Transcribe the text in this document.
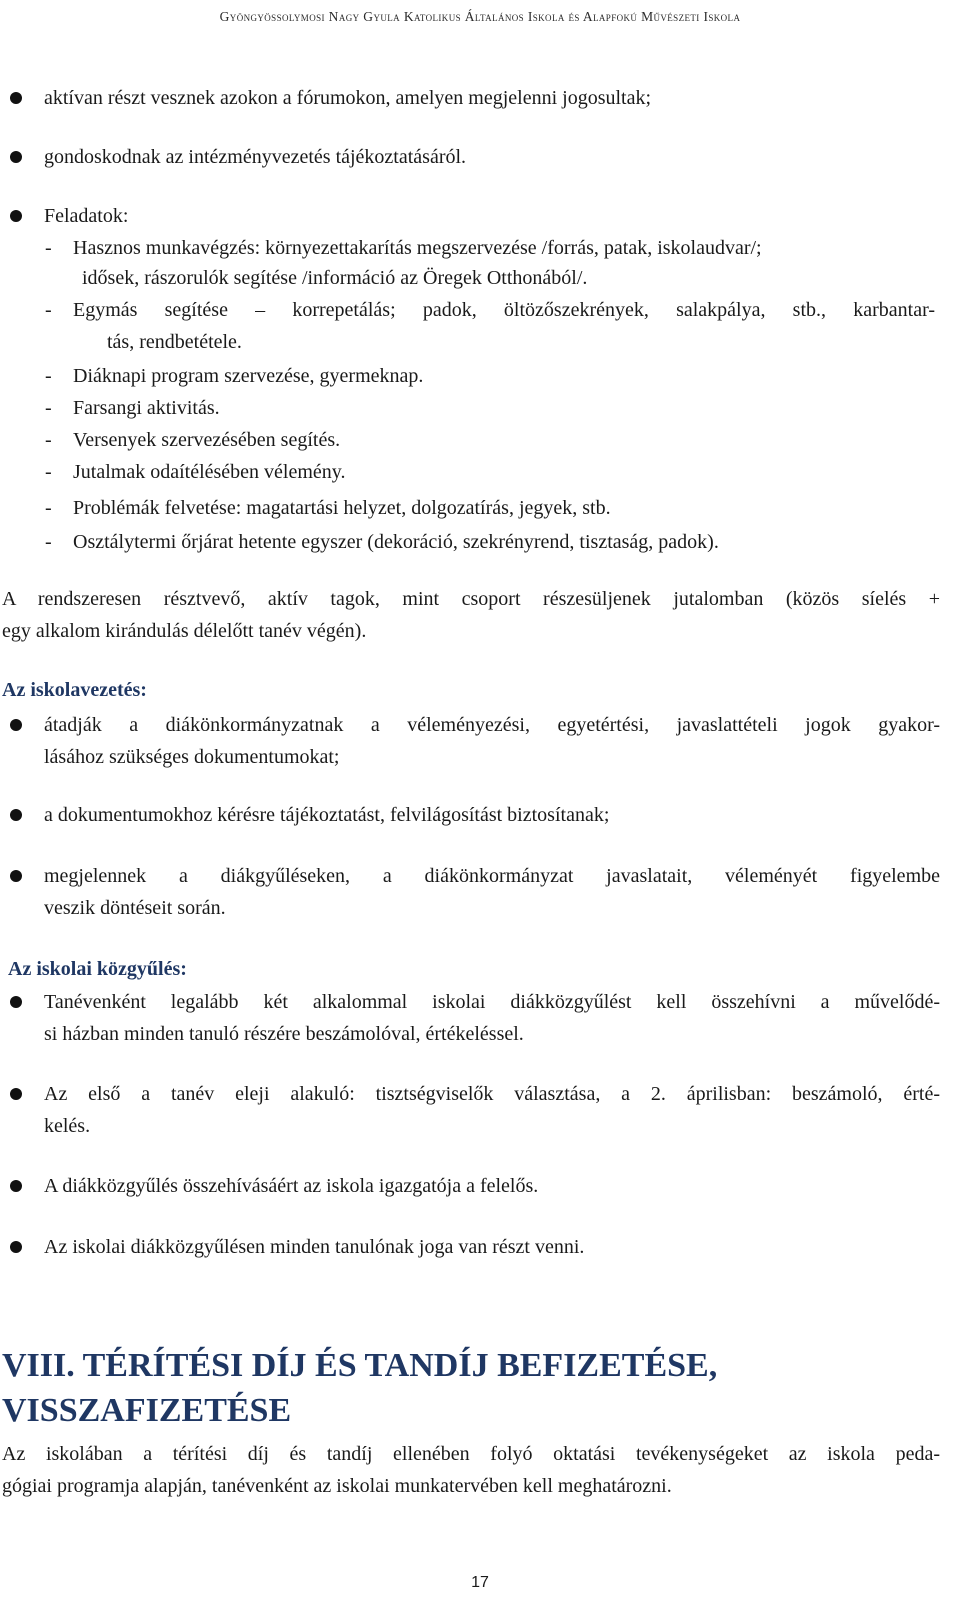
Gyöngyössolymosi Nagy Gyula Katolikus Általános Iskola és Alapfokú Művészeti Iskola
aktívan részt vesznek azokon a fórumokon, amelyen megjelenni jogosultak;
gondoskodnak az intézményvezetés tájékoztatásáról.
Feladatok:
- Hasznos munkavégzés: környezettakarítás megszervezése /forrás, patak, iskolaudvar/;
idősek, rászorulók segítése /információ az Öregek Otthonából/.
- Egymás segítése – korrepetálás; padok, öltözőszekrények, salakpálya, stb., karbantar-
tás, rendbetétele.
- Diáknapi program szervezése, gyermeknap.
- Farsangi aktivitás.
- Versenyek szervezésében segítés.
- Jutalmak odaítélésében vélemény.
- Problémák felvetése: magatartási helyzet, dolgozatírás, jegyek, stb.
- Osztálytermi őrjárat hetente egyszer (dekoráció, szekrényrend, tisztaság, padok).
A rendszeresen résztvevő, aktív tagok, mint csoport részesüljenek jutalomban (közös síelés +
egy alkalom kirándulás délelőtt tanév végén).
Az iskolavezetés:
átadják a diákönkormányzatnak a véleményezési, egyetértési, javaslattételi jogok gyakor-
lásához szükséges dokumentumokat;
a dokumentumokhoz kérésre tájékoztatást, felvilágosítást biztosítanak;
megjelennek a diákgyűléseken, a diákönkormányzat javaslatait, véleményét figyelembe
veszik döntéseit során.
Az iskolai közgyűlés:
Tanévenként legalább két alkalommal iskolai diákközgyűlést kell összehívni a művelődé-
si házban minden tanuló részére beszámolóval, értékeléssel.
Az első a tanév eleji alakuló: tisztségviselők választása, a 2. áprilisban: beszámoló, érté-
kelés.
A diákközgyűlés összehívásáért az iskola igazgatója a felelős.
Az iskolai diákközgyűlésen minden tanulónak joga van részt venni.
VIII. TÉRÍTÉSI DÍJ ÉS TANDÍJ BEFIZETÉSE,
VISSZAFIZETÉSE
Az iskolában a térítési díj és tandíj ellenében folyó oktatási tevékenységeket az iskola peda-
gógiai programja alapján, tanévenként az iskolai munkatervében kell meghatározni.
17
